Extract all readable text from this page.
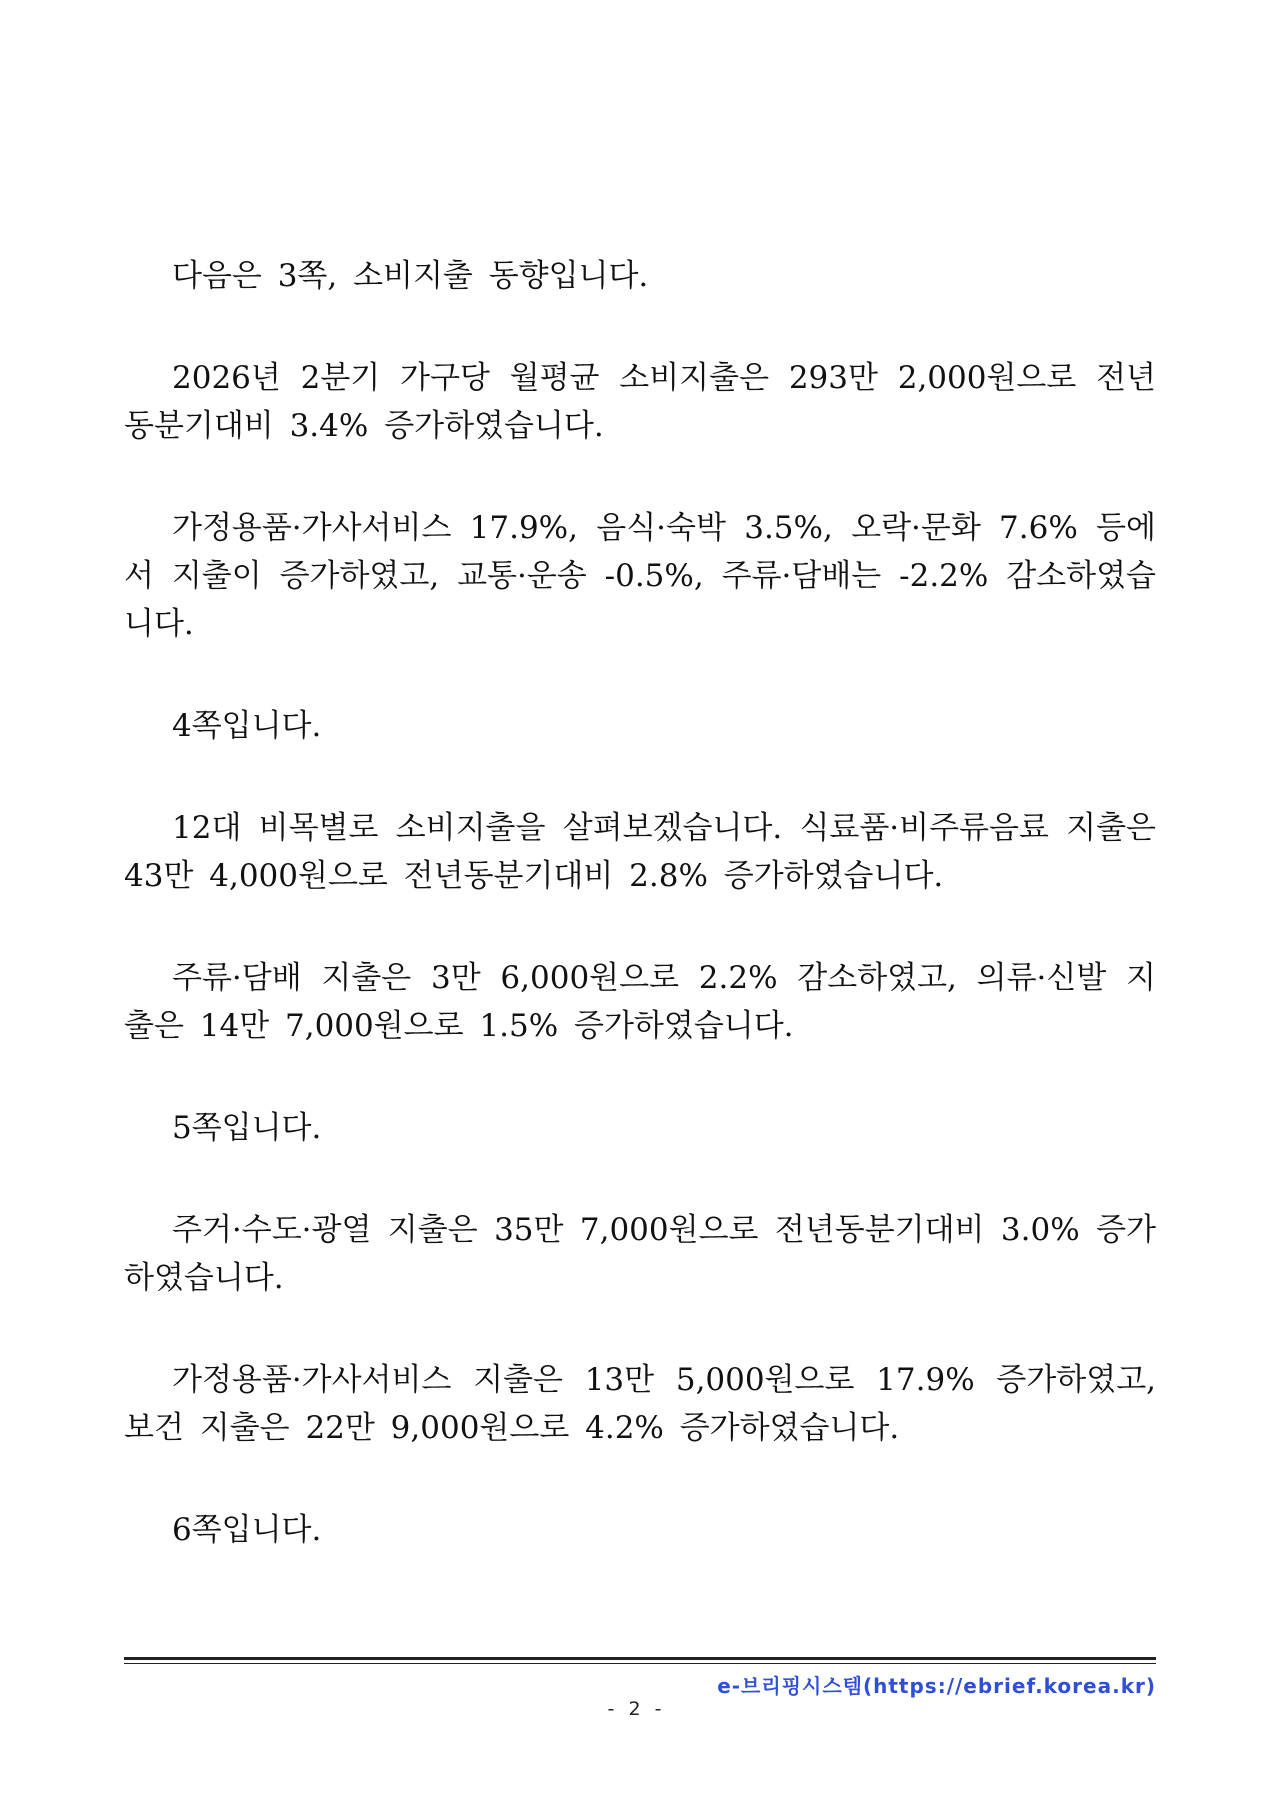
다음은 3쪽, 소비지출 동향입니다.

2026년 2분기 가구당 월평균 소비지출은 293만 2,000원으로 전년동분기대비 3.4% 증가하였습니다.

가정용품·가사서비스 17.9%, 음식·숙박 3.5%, 오락·문화 7.6% 등에서 지출이 증가하였고, 교통·운송 -0.5%, 주류·담배는 -2.2% 감소하였습니다.

4쪽입니다.

12대 비목별로 소비지출을 살펴보겠습니다. 식료품·비주류음료 지출은 43만 4,000원으로 전년동분기대비 2.8% 증가하였습니다.

주류·담배 지출은 3만 6,000원으로 2.2% 감소하였고, 의류·신발 지출은 14만 7,000원으로 1.5% 증가하였습니다.

5쪽입니다.

주거·수도·광열 지출은 35만 7,000원으로 전년동분기대비 3.0% 증가하였습니다.

가정용품·가사서비스 지출은 13만 5,000원으로 17.9% 증가하였고, 보건 지출은 22만 9,000원으로 4.2% 증가하였습니다.

6쪽입니다.

e-브리핑시스템(https://ebrief.korea.kr)
- 2 -
